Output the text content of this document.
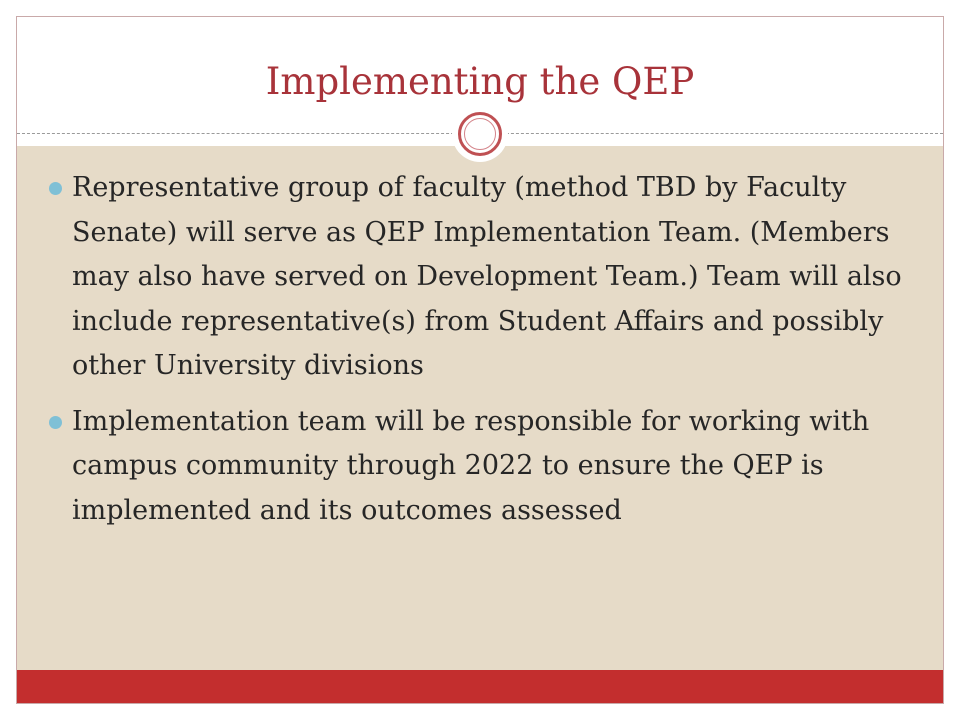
Implementing the QEP
Representative group of faculty (method TBD by Faculty Senate) will serve as QEP Implementation Team. (Members may also have served on Development Team.) Team will also include representative(s) from Student Affairs and possibly other University divisions
Implementation team will be responsible for working with campus community through 2022 to ensure the QEP is implemented and its outcomes assessed
